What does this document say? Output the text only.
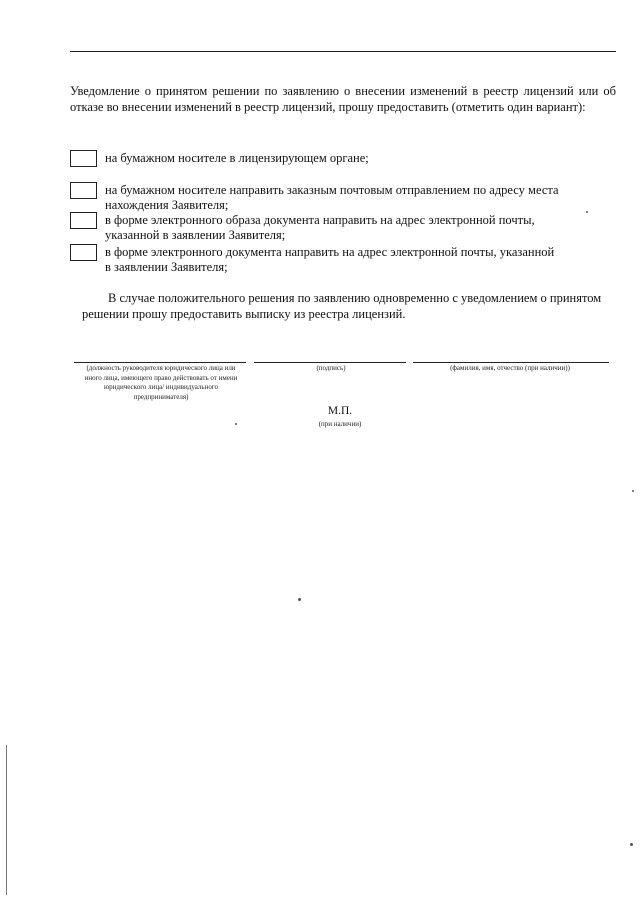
Уведомление о принятом решении по заявлению о внесении изменений в реестр лицензий или об отказе во внесении изменений в реестр лицензий, прошу предоставить (отметить один вариант):
на бумажном носителе в лицензирующем органе;
на бумажном носителе направить заказным почтовым отправлением по адресу места
нахождения Заявителя;
в форме электронного образа документа направить на адрес электронной почты,
указанной в заявлении Заявителя;
в форме электронного документа направить на адрес электронной почты, указанной
в заявлении Заявителя;
В случае положительного решения по заявлению одновременно с уведомлением о принятом
решении прошу предоставить выписку из реестра лицензий.
(должность руководителя юридического лица или иного лица, имеющего право действовать от имени юридического лица/ индивидуального предпринимателя)
(подпись)	(фамилия, имя, отчество (при наличии))
М.П.
(при наличии)
